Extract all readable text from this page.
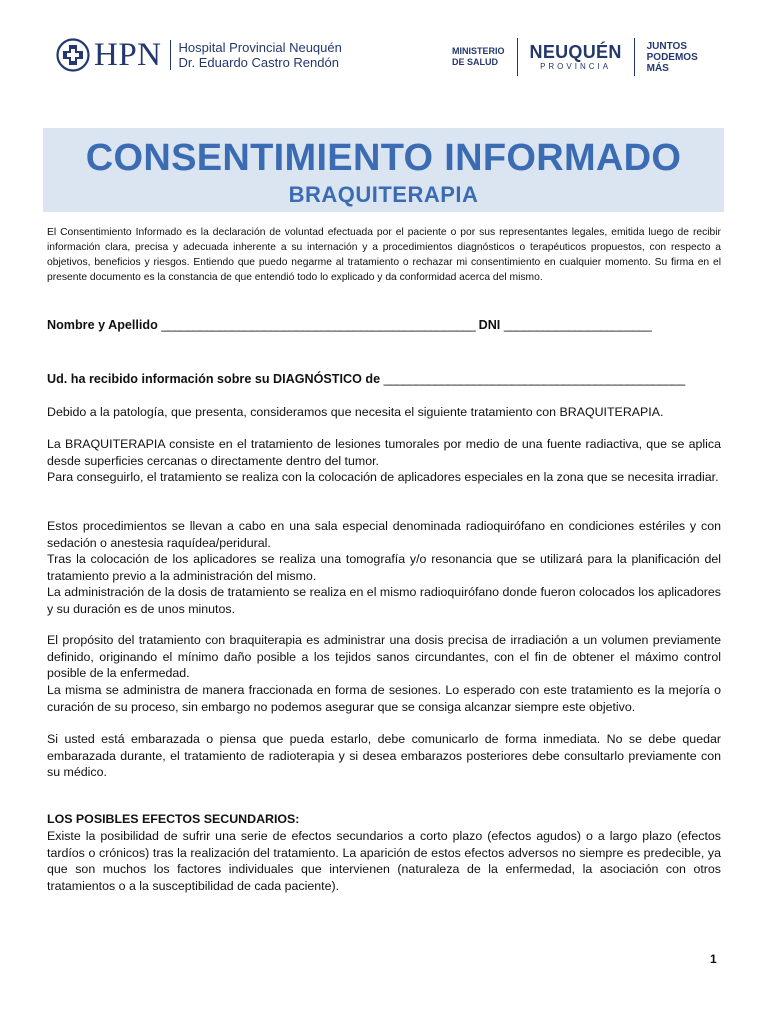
HPN Hospital Provincial Neuquén
Dr. Eduardo Castro Rendón
MINISTERIO
DE SALUD	NEUQUÉN
PROVINCIA
JUNTOS
PODEMOS
MÁS
CONSENTIMIENTO INFORMADO
BRAQUITERAPIA

El Consentimiento Informado es la declaración de voluntad efectuada por el paciente o por sus representantes legales, emitida luego de recibir información clara, precisa y adecuada inherente a su internación y a procedimientos diagnósticos o terapéuticos propuestos, con respecto a objetivos, beneficios y riesgos. Entiendo que puedo negarme al tratamiento o rechazar mi consentimiento en cualquier momento. Su firma en el presente documento es la constancia de que entendió todo lo explicado y da conformidad acerca del mismo.

Nombre y Apellido _________________________________________________ DNI _______________________

Ud. ha recibido información sobre su DIAGNÓSTICO de _______________________________________________

Debido a la patología, que presenta, consideramos que necesita el siguiente tratamiento con BRAQUITERAPIA.

La BRAQUITERAPIA consiste en el tratamiento de lesiones tumorales por medio de una fuente radiactiva, que se aplica desde superficies cercanas o directamente dentro del tumor.

Para conseguirlo, el tratamiento se realiza con la colocación de aplicadores especiales en la zona que se necesita irradiar.

Estos procedimientos se llevan a cabo en una sala especial denominada radioquirófano en condiciones estériles y con sedación o anestesia raquídea/peridural.

Tras la colocación de los aplicadores se realiza una tomografía y/o resonancia que se utilizará para la planificación del tratamiento previo a la administración del mismo.

La administración de la dosis de tratamiento se realiza en el mismo radioquirófano donde fueron colocados los aplicadores y su duración es de unos minutos.

El propósito del tratamiento con braquiterapia es administrar una dosis precisa de irradiación a un volumen previamente definido, originando el mínimo daño posible a los tejidos sanos circundantes, con el fin de obtener el máximo control posible de la enfermedad.

La misma se administra de manera fraccionada en forma de sesiones. Lo esperado con este tratamiento es la mejoría o curación de su proceso, sin embargo no podemos asegurar que se consiga alcanzar siempre este objetivo.

Si usted está embarazada o piensa que pueda estarlo, debe comunicarlo de forma inmediata. No se debe quedar embarazada durante, el tratamiento de radioterapia y si desea embarazos posteriores debe consultarlo previamente con su médico.

LOS POSIBLES EFECTOS SECUNDARIOS:

Existe la posibilidad de sufrir una serie de efectos secundarios a corto plazo (efectos agudos) o a largo plazo (efectos tardíos o crónicos) tras la realización del tratamiento. La aparición de estos efectos adversos no siempre es predecible, ya que son muchos los factores individuales que intervienen (naturaleza de la enfermedad, la asociación con otros tratamientos o a la susceptibilidad de cada paciente).

1
